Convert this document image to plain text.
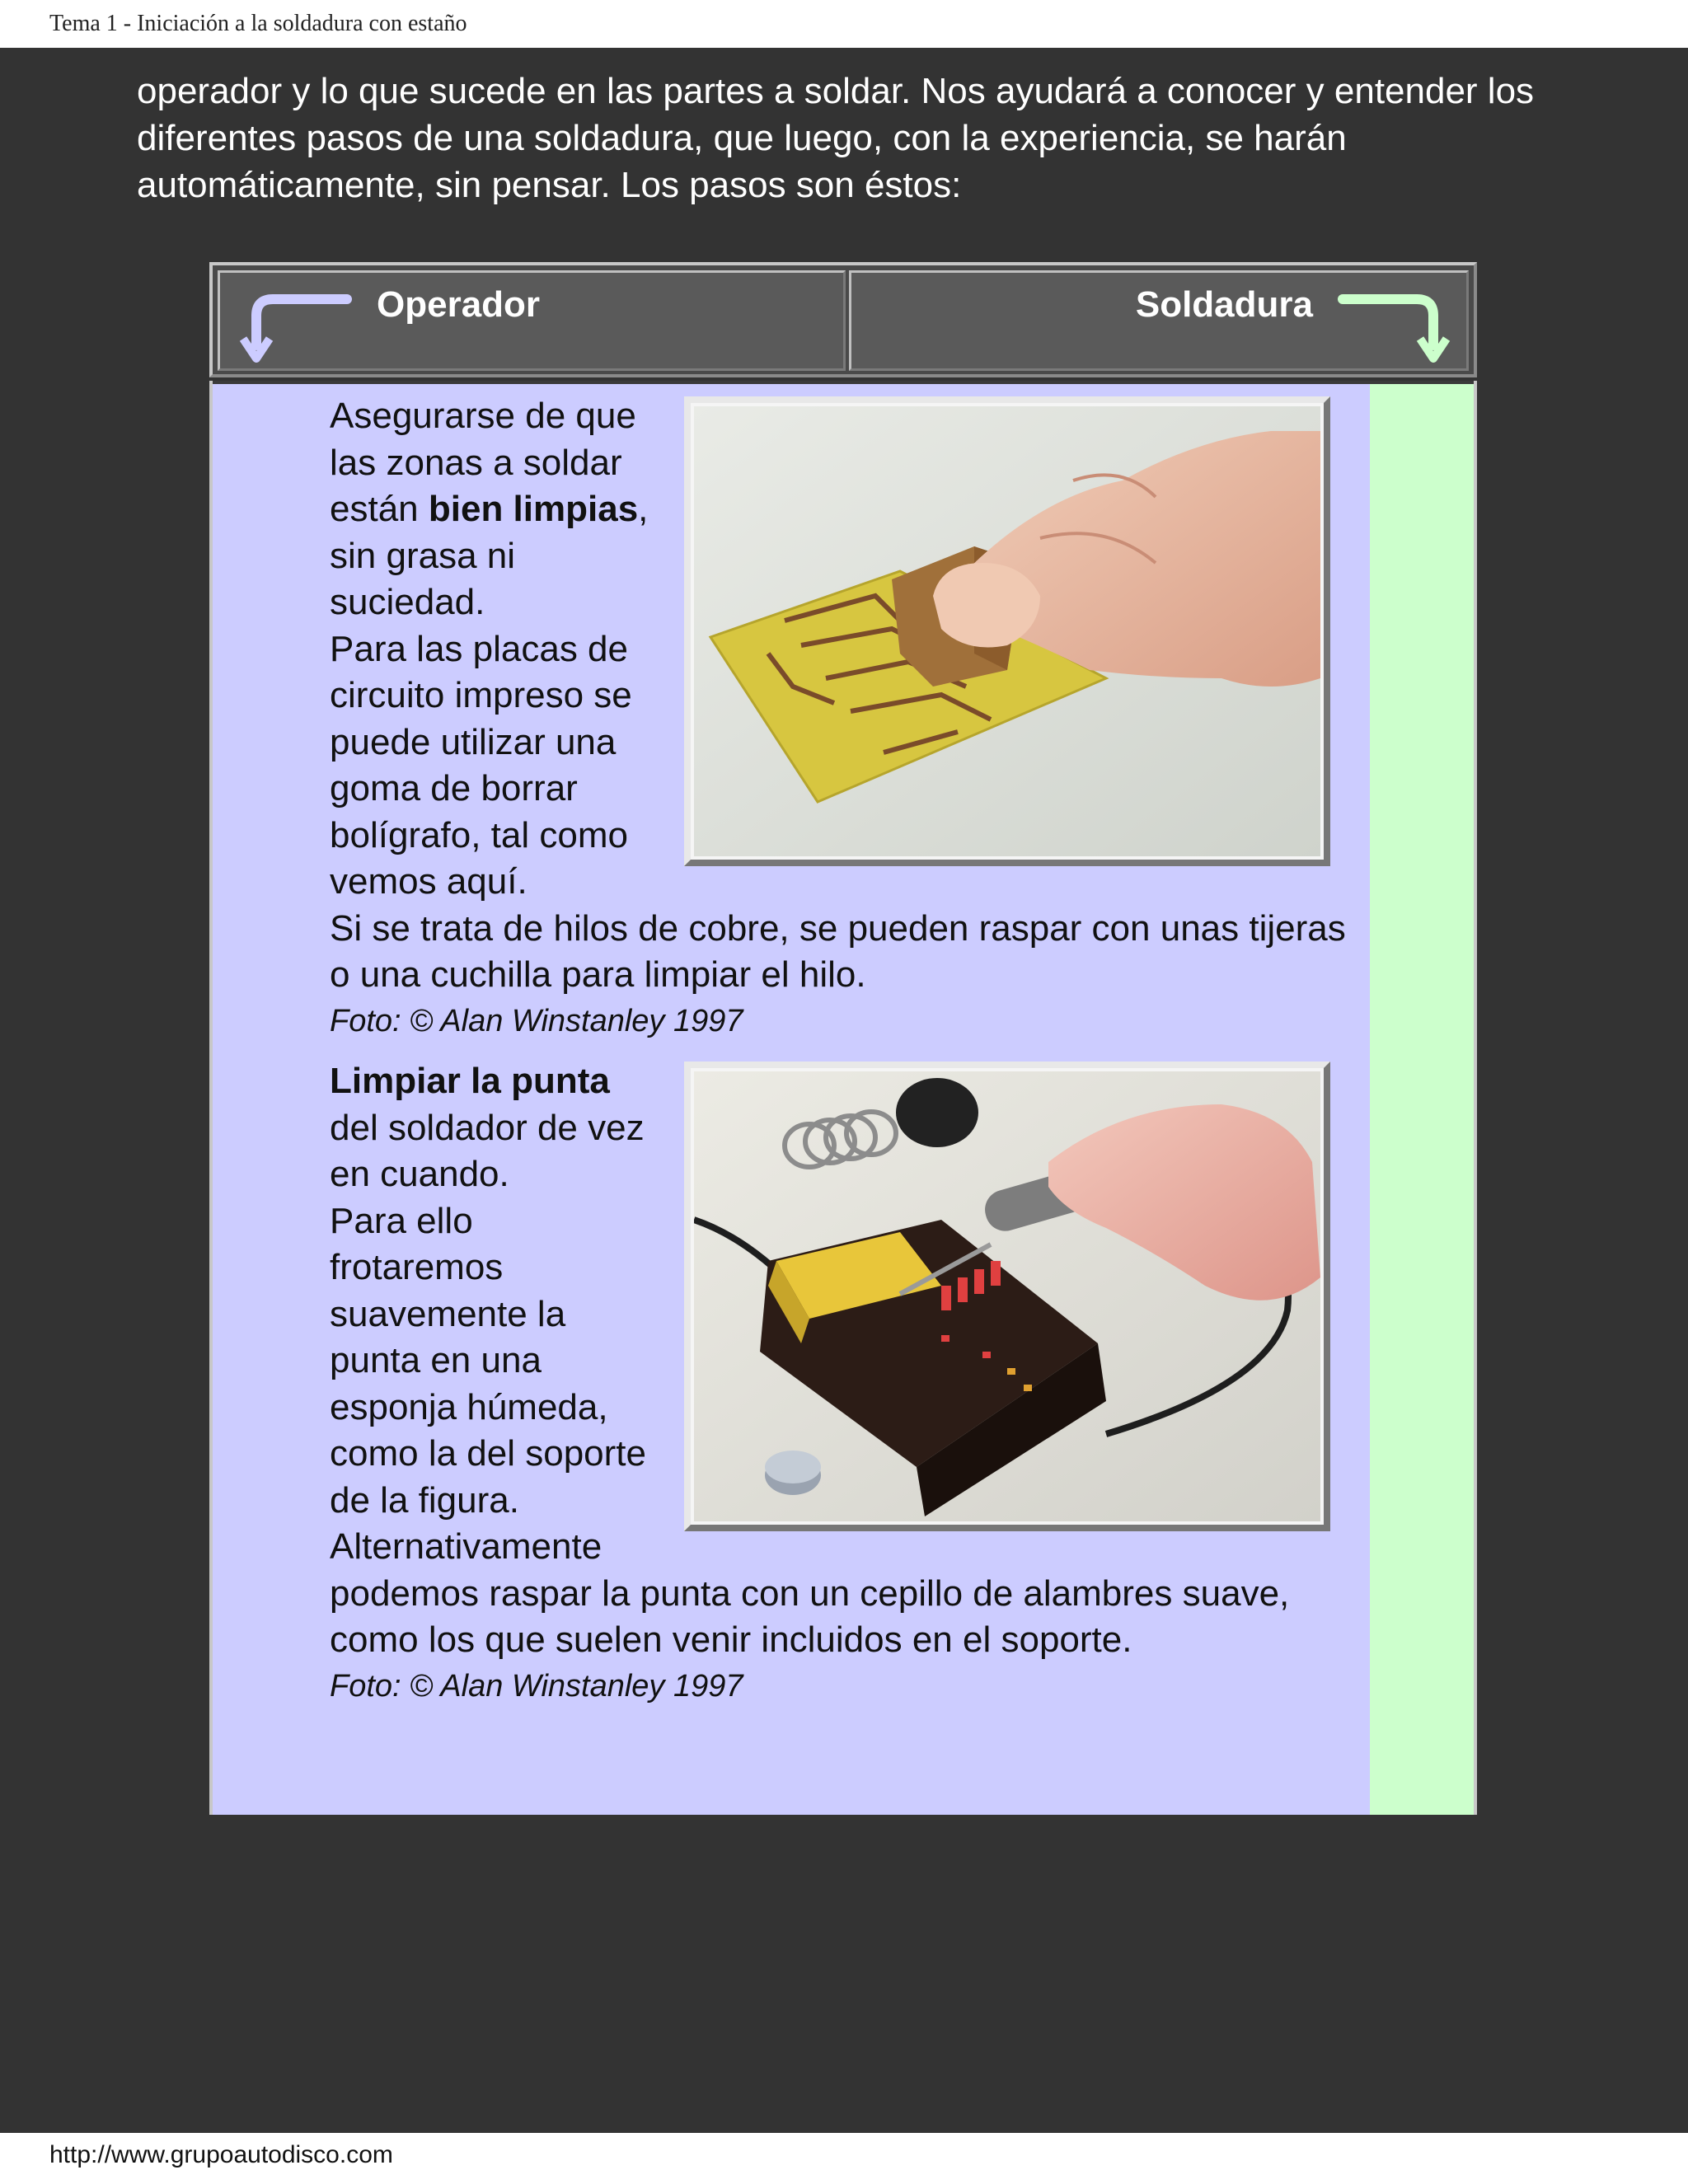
Tema 1 - Iniciación a la soldadura con estaño
operador y lo que sucede en las partes a soldar. Nos ayudará a conocer y entender los diferentes pasos de una soldadura, que luego, con la experiencia, se harán automáticamente, sin pensar. Los pasos son éstos:
Operador	Soldadura
Asegurarse de que las zonas a soldar están bien limpias, sin grasa ni suciedad.
Para las placas de circuito impreso se puede utilizar una goma de borrar bolígrafo, tal como vemos aquí.
Si se trata de hilos de cobre, se pueden raspar con unas tijeras o una cuchilla para limpiar el hilo.
Foto: © Alan Winstanley 1997
Limpiar la punta del soldador de vez en cuando.
Para ello frotaremos suavemente la punta en una esponja húmeda, como la del soporte de la figura.
Alternativamente podemos raspar la punta con un cepillo de alambres suave, como los que suelen venir incluidos en el soporte.
Foto: © Alan Winstanley 1997
http://www.grupoautodisco.com
